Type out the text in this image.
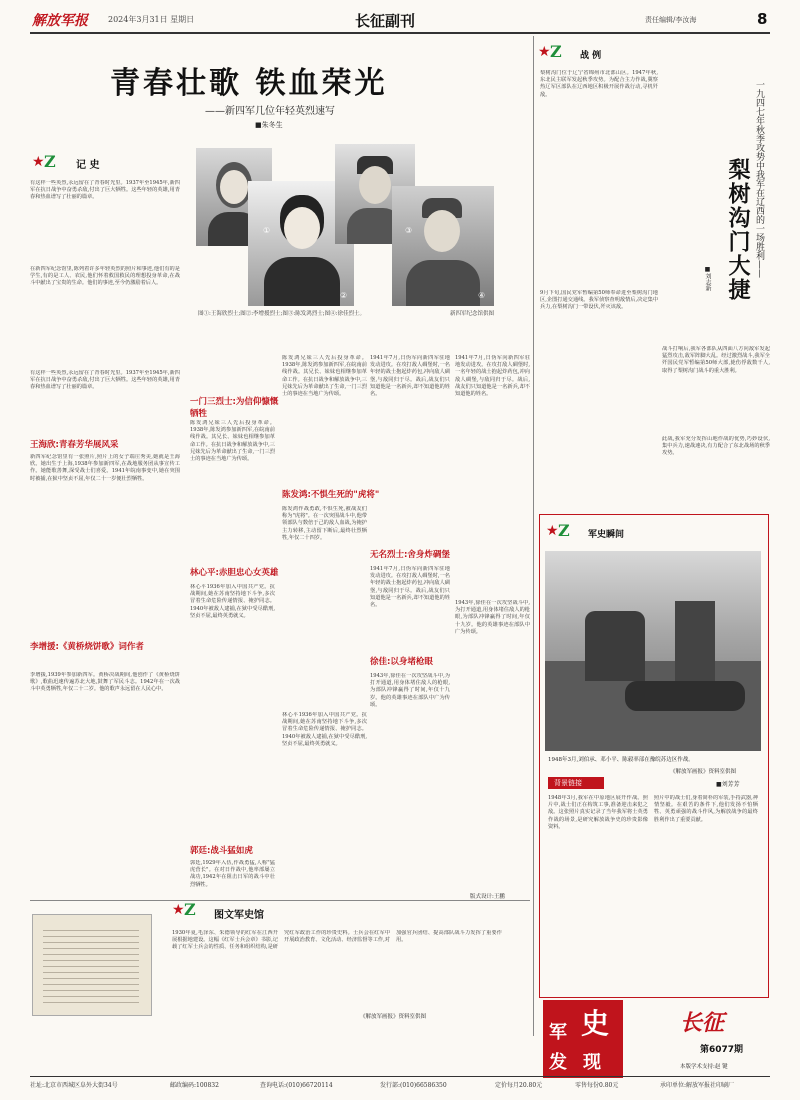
解放军报	2024年3月31日 星期日	长征副刊	责任编辑/李汝海	8
青春壮歌 铁血荣光
——新四军几位年轻英烈速写
■朱冬生
①
②
③
④
图①:王海欣烈士;图②:李增援烈士;图③:陈发鸿烈士;图④:徐佳烈士。	新四军纪念馆供图
★ Z 记 史
有这样一些英烈,永远留在了青春时光里。1937年至1945年,新四军在抗日战争中奋勇杀敌,付出了巨大牺牲。这些年轻的英雄,用青春和热血谱写了壮丽的篇章。
在新四军纪念馆里,陈列着许多年轻英烈的照片和事迹,他们有的是学生,有的是工人、农民,他们怀着救国救民的理想投身革命,在战斗中献出了宝贵的生命。他们的事迹,至今仍激励着后人。
有这样一些英烈,永远留在了青春时光里。1937年至1945年,新四军在抗日战争中奋勇杀敌,付出了巨大牺牲。这些年轻的英雄,用青春和热血谱写了壮丽的篇章。
王海欣:青春芳华展风采
新四军纪念馆里有一张照片,照片上的女子端庄秀美,她就是王海欣。她出生于上海,1938年参加新四军,在战地服务团从事宣传工作。她能歌善舞,深受战士们喜爱。1941年皖南事变中,她在突围时被捕,在狱中坚贞不屈,年仅二十一岁便壮烈牺牲。
李增援:《黄桥烧饼歌》词作者
李增援,1939年参加新四军。黄桥决战期间,他创作了《黄桥烧饼歌》,歌曲迅速传遍苏北大地,鼓舞了军民斗志。1942年在一次战斗中英勇牺牲,年仅二十二岁。他的歌声永远留在人民心中。
一门三烈士:为信仰慷慨牺牲
陈发鸿兄妹三人先后投身革命。1938年,陈发鸿参加新四军,在皖南前线作战。其兄长、妹妹也相继参加革命工作。在抗日战争和解放战争中,三兄妹先后为革命献出了生命,一门三烈士的事迹在当地广为传颂。
林心平:赤胆忠心女英雄
林心平1936年加入中国共产党。抗战期间,她在苏南坚持地下斗争,多次冒着生命危险传递情报、掩护同志。1940年被敌人逮捕,在狱中受尽酷刑,坚贞不屈,最终英勇就义。
郭廷:战斗猛如虎
郭廷,1929年入伍,作战勇猛,人称"猛虎营长"。在对日作战中,他率部屡立战功,1942年在阻击日军的战斗中壮烈牺牲。
陈发鸿兄妹三人先后投身革命。1938年,陈发鸿参加新四军,在皖南前线作战。其兄长、妹妹也相继参加革命工作。在抗日战争和解放战争中,三兄妹先后为革命献出了生命,一门三烈士的事迹在当地广为传颂。
陈发鸿:不惧生死的"虎将"
陈发鸿作战勇敢,不惧生死,被战友们称为"虎将"。在一次突围战斗中,他带领部队与数倍于己的敌人血战,为掩护主力转移,主动留下断后,最终壮烈牺牲,年仅二十四岁。
林心平1936年加入中国共产党。抗战期间,她在苏南坚持地下斗争,多次冒着生命危险传递情报、掩护同志。1940年被敌人逮捕,在狱中受尽酷刑,坚贞不屈,最终英勇就义。
1941年7月,日伪军向新四军驻地发动进攻。在攻打敌人碉堡时,一名年轻的战士抱起炸药包,冲向敌人碉堡,与敌同归于尽。战后,战友们只知道他是一名新兵,却不知道他的姓名。
无名烈士:舍身炸碉堡
1941年7月,日伪军向新四军驻地发动进攻。在攻打敌人碉堡时,一名年轻的战士抱起炸药包,冲向敌人碉堡,与敌同归于尽。战后,战友们只知道他是一名新兵,却不知道他的姓名。
徐佳:以身堵枪眼
1943年,徐佳在一次攻坚战斗中,为打开通道,用身体堵住敌人的枪眼,为部队冲锋赢得了时间,年仅十九岁。他的英雄事迹在部队中广为传颂。
1941年7月,日伪军向新四军驻地发动进攻。在攻打敌人碉堡时,一名年轻的战士抱起炸药包,冲向敌人碉堡,与敌同归于尽。战后,战友们只知道他是一名新兵,却不知道他的姓名。
1943年,徐佳在一次攻坚战斗中,为打开通道,用身体堵住敌人的枪眼,为部队冲锋赢得了时间,年仅十九岁。他的英雄事迹在部队中广为传颂。
版式设计:王鹏
★ Z 图文军史馆
1930年夏,毛泽东、朱德领导的红军在江西开展根据地建设。这幅《红军士兵会章》书影,记载了红军士兵会的性质、任务和组织结构,是研究红军政治工作的珍贵史料。士兵会在红军中开展政治教育、文化活动、经济监督等工作,对加强官兵团结、提高部队战斗力发挥了重要作用。
《解放军画报》资料室供图
★ Z 战 例
梨树沟门位于辽宁省锦州市北部山区。1947年秋,东北民主联军发起秋季攻势。为配合主力作战,冀察热辽军区部队在辽西地区积极开展作战行动,寻机歼敌。
9月下旬,国民党军暂编第50师奉命进至梨树沟门地区,企图打通交通线。我军侦察查明敌情后,决定集中兵力,在梨树沟门一带设伏,歼灭该敌。
一九四七年秋季攻势中我军在辽西的一场胜利——
梨树沟门大捷
■刘志新
战斗打响后,我军各部队从四面八方向敌军发起猛烈攻击,敌军阵脚大乱。经过激烈战斗,我军全歼国民党军暂编第50师大部,毙伤俘敌数千人,取得了梨树沟门战斗的重大胜利。
此战,我军充分发挥山地作战的优势,巧妙设伏,集中兵力,速战速决,有力配合了东北战场的秋季攻势。
★ Z 军史瞬间
1948年3月,刘伯承、邓小平、陈毅率部在豫皖苏边区作战。
《解放军画报》资料室供图
背景链接	■刘芳芳
1948年3月,我军在中原地区展开作战。照片中,战士们正在构筑工事,准备迎击来犯之敌。这张照片真实记录了当年我军将士英勇作战的场景,是研究解放战争史的珍贵影像资料。
照片中的战士们,身着简朴的军装,手持武器,神情坚毅。在艰苦的条件下,他们发扬不怕牺牲、英勇顽强的战斗作风,为解放战争的最终胜利作出了重要贡献。
史
军
发 现
长征
第6077期
本版学术支持:赵 键
社址:北京市西城区阜外大街34号	邮政编码:100832	查询电话:(010)66720114	发行部:(010)66586350	定价每月20.80元	零售每份0.80元	承印单位:解放军报社印刷厂
